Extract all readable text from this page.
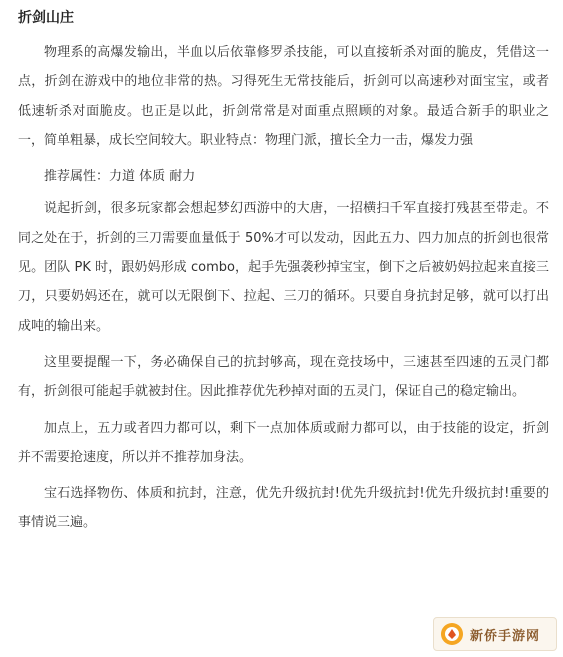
折剑山庄

物理系的高爆发输出，半血以后依靠修罗杀技能，可以直接斩杀对面的脆皮，凭借这一点，折剑在游戏中的地位非常的热。习得死生无常技能后，折剑可以高速秒对面宝宝，或者低速斩杀对面脆皮。也正是以此，折剑常常是对面重点照顾的对象。最适合新手的职业之一，简单粗暴，成长空间较大。职业特点：物理门派，擅长全力一击，爆发力强

推荐属性：力道 体质 耐力

说起折剑，很多玩家都会想起梦幻西游中的大唐，一招横扫千军直接打残甚至带走。不同之处在于，折剑的三刀需要血量低于 50%才可以发动，因此五力、四力加点的折剑也很常见。团队 PK 时，跟奶妈形成 combo，起手先强袭秒掉宝宝，倒下之后被奶妈拉起来直接三刀，只要奶妈还在，就可以无限倒下、拉起、三刀的循环。只要自身抗封足够，就可以打出成吨的输出来。

这里要提醒一下，务必确保自己的抗封够高，现在竞技场中，三速甚至四速的五灵门都有，折剑很可能起手就被封住。因此推荐优先秒掉对面的五灵门，保证自己的稳定输出。

加点上，五力或者四力都可以，剩下一点加体质或耐力都可以，由于技能的设定，折剑并不需要抢速度，所以并不推荐加身法。

宝石选择物伤、体质和抗封，注意，优先升级抗封!优先升级抗封!优先升级抗封!重要的事情说三遍。

新侨手游网
